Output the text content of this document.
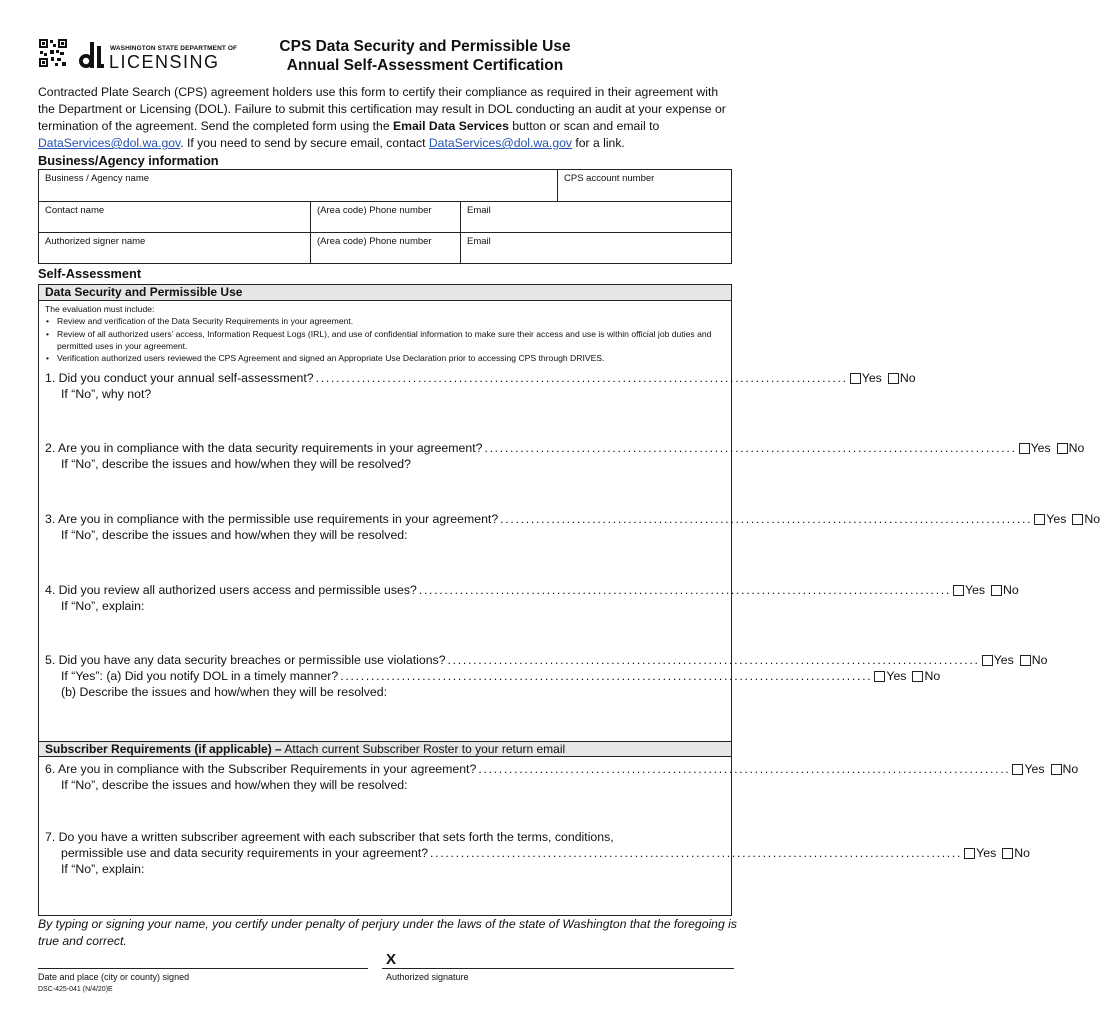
WASHINGTON STATE DEPARTMENT OF
LICENSING
CPS Data Security and Permissible Use
Annual Self-Assessment Certification
Contracted Plate Search (CPS) agreement holders use this form to certify their compliance as required in their agreement with the Department or Licensing (DOL). Failure to submit this certification may result in DOL conducting an audit at your expense or termination of the agreement. Send the completed form using the Email Data Services button or scan and email to DataServices@dol.wa.gov. If you need to send by secure email, contact DataServices@dol.wa.gov for a link.
Business/Agency information
Business / Agency name			CPS account number
Contact name	(Area code) Phone number	Email	
Authorized signer name	(Area code) Phone number	Email	
Self-Assessment
Data Security and Permissible Use
The evaluation must include:
• Review and verification of the Data Security Requirements in your agreement.
• Review of all authorized users’ access, Information Request Logs (IRL), and use of confidential information to make sure their access and use is within official job duties and permitted uses in your agreement.
• Verification authorized users reviewed the CPS Agreement and signed an Appropriate Use Declaration prior to accessing CPS through DRIVES.
1. Did you conduct your annual self-assessment? ........................................................................................................ Yes No
If “No”, why not?
2. Are you in compliance with the data security requirements in your agreement? ........................................................................................................ Yes No
If “No”, describe the issues and how/when they will be resolved?
3. Are you in compliance with the permissible use requirements in your agreement? ........................................................................................................ Yes No
If “No”, describe the issues and how/when they will be resolved:
4. Did you review all authorized users access and permissible uses? ........................................................................................................ Yes No
If “No”, explain:
5. Did you have any data security breaches or permissible use violations? ........................................................................................................ Yes No
If “Yes”: (a) Did you notify DOL in a timely manner? ........................................................................................................ Yes No
(b) Describe the issues and how/when they will be resolved:
Subscriber Requirements (if applicable) – Attach current Subscriber Roster to your return email
6. Are you in compliance with the Subscriber Requirements in your agreement? ........................................................................................................ Yes No
If “No”, describe the issues and how/when they will be resolved:
7. Do you have a written subscriber agreement with each subscriber that sets forth the terms, conditions,
permissible use and data security requirements in your agreement? ........................................................................................................ Yes No
If “No”, explain:
By typing or signing your name, you certify under penalty of perjury under the laws of the state of Washington that the foregoing is true and correct.
X
Date and place (city or county) signed	Authorized signature
DSC-425-041 (N/4/20)E
